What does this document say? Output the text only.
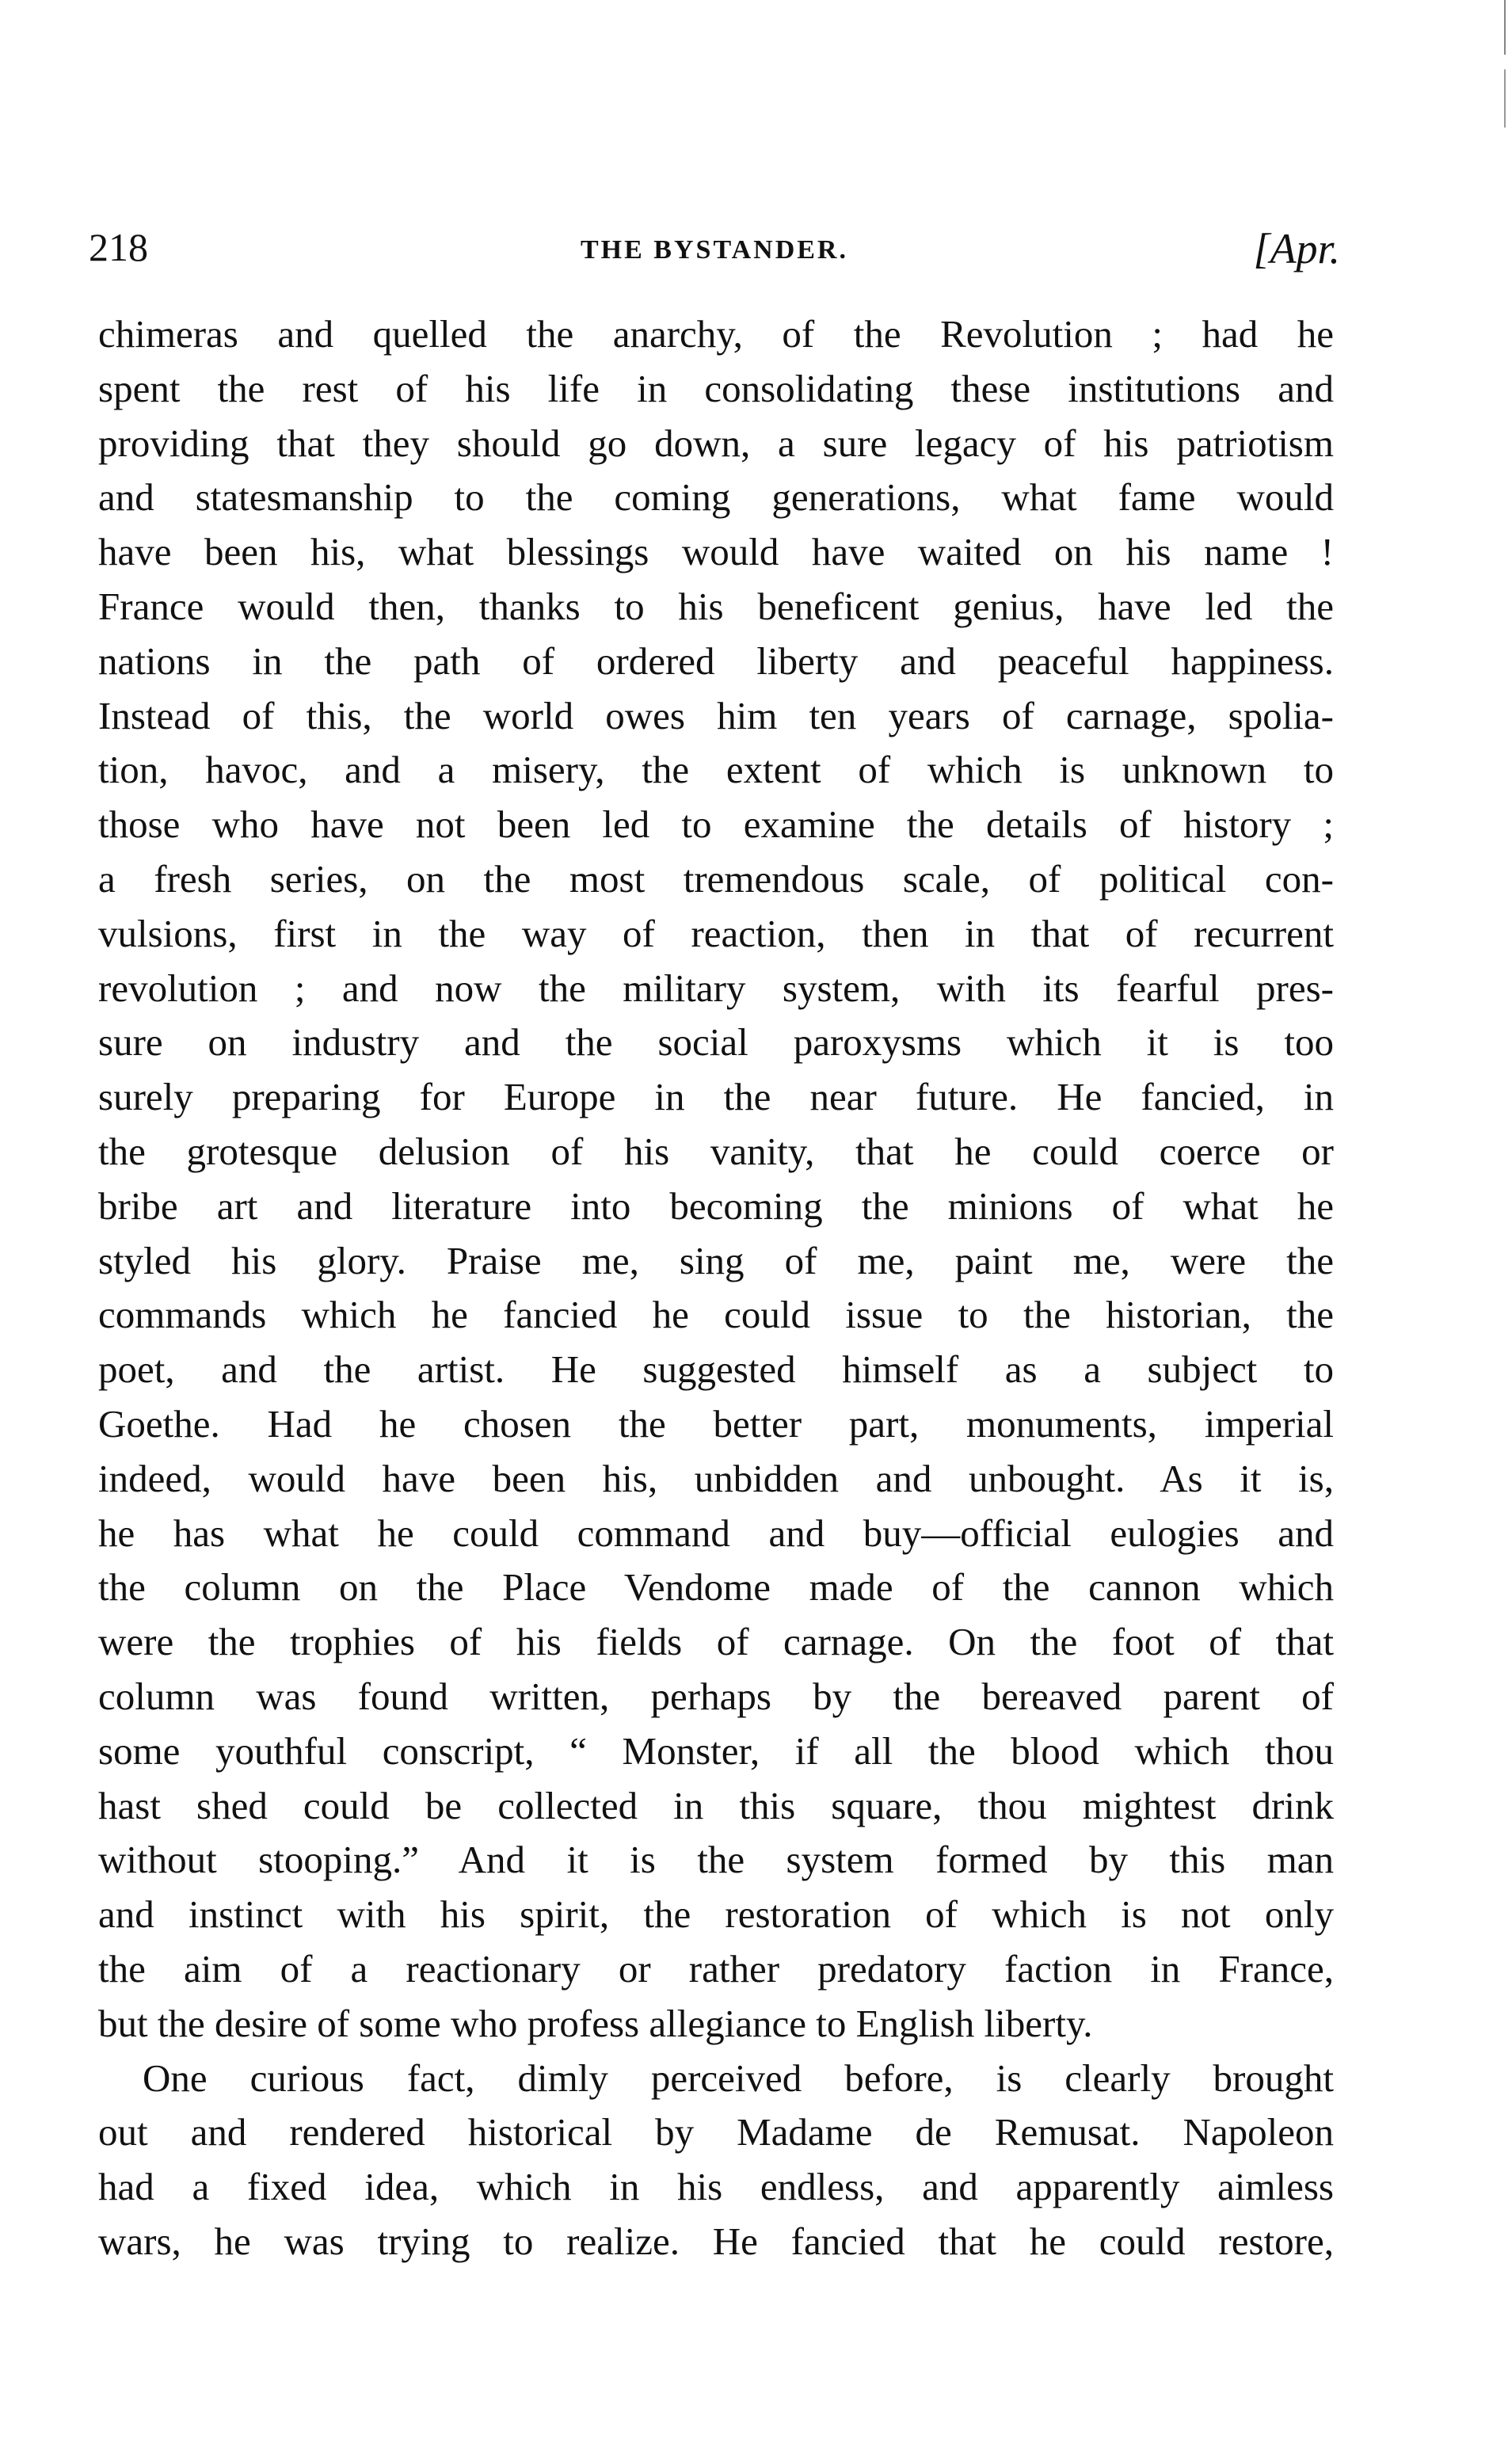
218	THE BYSTANDER.	[Apr.
chimeras and quelled the anarchy, of the Revolution ; had he
spent the rest of his life in consolidating these institutions and
providing that they should go down, a sure legacy of his patriotism
and statesmanship to the coming generations, what fame would
have been his, what blessings would have waited on his name !
France would then, thanks to his beneficent genius, have led the
nations in the path of ordered liberty and peaceful happiness.
Instead of this, the world owes him ten years of carnage, spolia-
tion, havoc, and a misery, the extent of which is unknown to
those who have not been led to examine the details of history ;
a fresh series, on the most tremendous scale, of political con-
vulsions, first in the way of reaction, then in that of recurrent
revolution ; and now the military system, with its fearful pres-
sure on industry and the social paroxysms which it is too
surely preparing for Europe in the near future. He fancied, in
the grotesque delusion of his vanity, that he could coerce or
bribe art and literature into becoming the minions of what he
styled his glory. Praise me, sing of me, paint me, were the
commands which he fancied he could issue to the historian, the
poet, and the artist. He suggested himself as a subject to
Goethe. Had he chosen the better part, monuments, imperial
indeed, would have been his, unbidden and unbought. As it is,
he has what he could command and buy—official eulogies and
the column on the Place Vendome made of the cannon which
were the trophies of his fields of carnage. On the foot of that
column was found written, perhaps by the bereaved parent of
some youthful conscript, “ Monster, if all the blood which thou
hast shed could be collected in this square, thou mightest drink
without stooping.” And it is the system formed by this man
and instinct with his spirit, the restoration of which is not only
the aim of a reactionary or rather predatory faction in France,
but the desire of some who profess allegiance to English liberty.
One curious fact, dimly perceived before, is clearly brought
out and rendered historical by Madame de Remusat. Napoleon
had a fixed idea, which in his endless, and apparently aimless
wars, he was trying to realize. He fancied that he could restore,
